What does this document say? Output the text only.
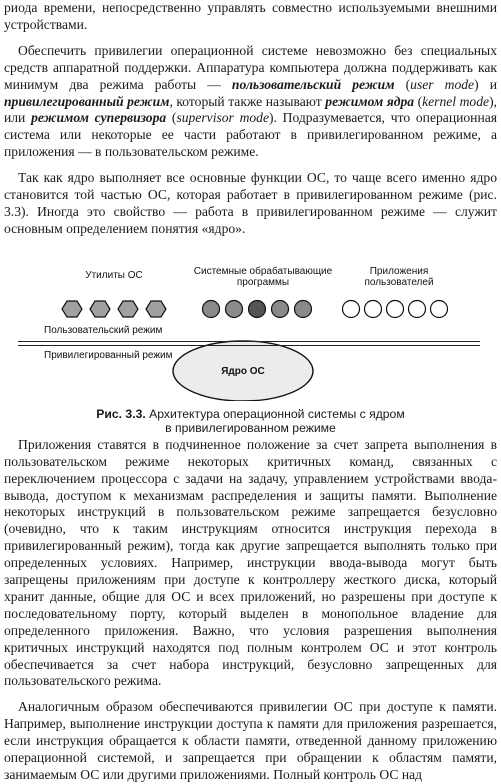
риода времени, непосредственно управлять совместно используемыми внешними устройствами.

Обеспечить привилегии операционной системе невозможно без специальных средств аппаратной поддержки. Аппаратура компьютера должна поддерживать как минимум два режима работы — пользовательский режим (user mode) и привилегированный режим, который также называют режимом ядра (kernel mode), или режимом супервизора (supervisor mode). Подразумевается, что операционная система или некоторые ее части работают в привилегированном режиме, а приложения — в пользовательском режиме.

Так как ядро выполняет все основные функции ОС, то чаще всего именно ядро становится той частью ОС, которая работает в привилегированном режиме (рис. 3.3). Иногда это свойство — работа в привилегированном режиме — служит основным определением понятия «ядро».

Утилиты ОС	Системные обрабатывающие
программы
Приложения
пользователей
Пользовательский режим
Привилегированный режим
Ядро ОС
Рис. 3.3. Архитектура операционной системы с ядром
в привилегированном режиме

Приложения ставятся в подчиненное положение за счет запрета выполнения в пользовательском режиме некоторых критичных команд, связанных с переключением процессора с задачи на задачу, управлением устройствами ввода-вывода, доступом к механизмам распределения и защиты памяти. Выполнение некоторых инструкций в пользовательском режиме запрещается безусловно (очевидно, что к таким инструкциям относится инструкция перехода в привилегированный режим), тогда как другие запрещается выполнять только при определенных условиях. Например, инструкции ввода-вывода могут быть запрещены приложениям при доступе к контроллеру жесткого диска, который хранит данные, общие для ОС и всех приложений, но разрешены при доступе к последовательному порту, который выделен в монопольное владение для определенного приложения. Важно, что условия разрешения выполнения критичных инструкций находятся под полным контролем ОС и этот контроль обеспечивается за счет набора инструкций, безусловно запрещенных для пользовательского режима.

Аналогичным образом обеспечиваются привилегии ОС при доступе к памяти. Например, выполнение инструкции доступа к памяти для приложения разрешается, если инструкция обращается к области памяти, отведенной данному приложению операционной системой, и запрещается при обращении к областям памяти, занимаемым ОС или другими приложениями. Полный контроль ОС над
